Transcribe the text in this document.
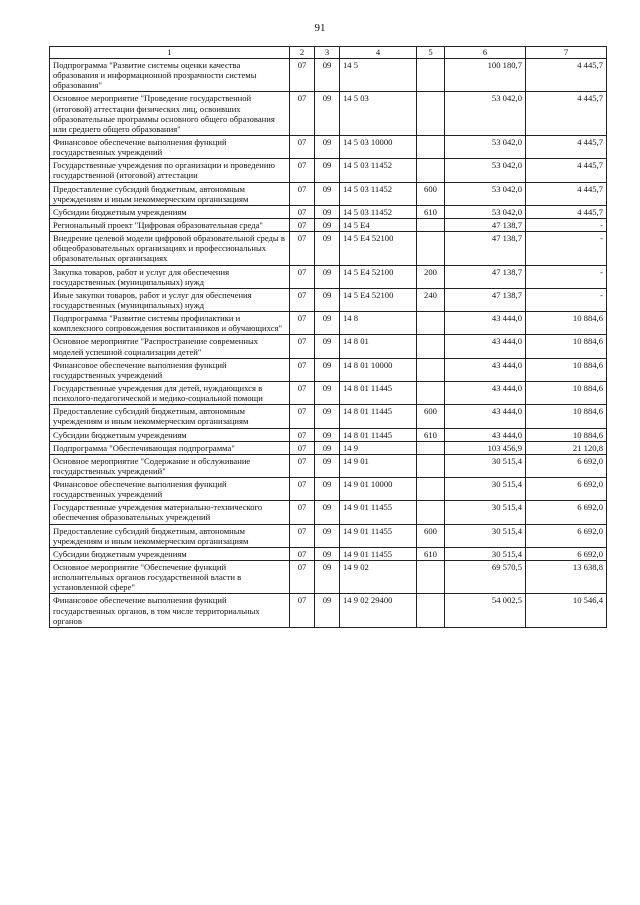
91
1	2	3	4	5	6	7
Подпрограмма "Развитие системы оценки качества образования и информационной прозрачности системы образования"	07	09	14 5		100 180,7	4 445,7
Основное мероприятие "Проведение государственной (итоговой) аттестации физических лиц, освоивших образовательные программы основного общего образования или среднего общего образования"	07	09	14 5 03		53 042,0	4 445,7
Финансовое обеспечение выполнения функций государственных учреждений	07	09	14 5 03 10000		53 042,0	4 445,7
Государственные учреждения по организации и проведению государственной (итоговой) аттестации	07	09	14 5 03 11452		53 042,0	4 445,7
Предоставление субсидий бюджетным, автономным учреждениям и иным некоммерческим организациям	07	09	14 5 03 11452	600	53 042,0	4 445,7
Субсидии бюджетным учреждениям	07	09	14 5 03 11452	610	53 042,0	4 445,7
Региональный проект "Цифровая образовательная среда"	07	09	14 5 E4		47 138,7	-
Внедрение целевой модели цифровой образовательной среды в общеобразовательных организациях и профессиональных образовательных организациях	07	09	14 5 E4 52100		47 138,7	-
Закупка товаров, работ и услуг для обеспечения государственных (муниципальных) нужд	07	09	14 5 E4 52100	200	47 138,7	-
Иные закупки товаров, работ и услуг для обеспечения государственных (муниципальных) нужд	07	09	14 5 E4 52100	240	47 138,7	-
Подпрограмма "Развитие системы профилактики и комплексного сопровождения воспитанников и обучающихся"	07	09	14 8		43 444,0	10 884,6
Основное мероприятие "Распространение современных моделей успешной социализации детей"	07	09	14 8 01		43 444,0	10 884,6
Финансовое обеспечение выполнения функций государственных учреждений	07	09	14 8 01 10000		43 444,0	10 884,6
Государственные учреждения для детей, нуждающихся в психолого-педагогической и медико-социальной помощи	07	09	14 8 01 11445		43 444,0	10 884,6
Предоставление субсидий бюджетным, автономным учреждениям и иным некоммерческим организациям	07	09	14 8 01 11445	600	43 444,0	10 884,6
Субсидии бюджетным учреждениям	07	09	14 8 01 11445	610	43 444,0	10 884,6
Подпрограмма "Обеспечивающая подпрограмма"	07	09	14 9		103 456,9	21 120,8
Основное мероприятие "Содержание и обслуживание государственных учреждений"	07	09	14 9 01		30 515,4	6 692,0
Финансовое обеспечение выполнения функций государственных учреждений	07	09	14 9 01 10000		30 515,4	6 692,0
Государственные учреждения материально-технического обеспечения образовательных учреждений	07	09	14 9 01 11455		30 515,4	6 692,0
Предоставление субсидий бюджетным, автономным учреждениям и иным некоммерческим организациям	07	09	14 9 01 11455	600	30 515,4	6 692,0
Субсидии бюджетным учреждениям	07	09	14 9 01 11455	610	30 515,4	6 692,0
Основное мероприятие "Обеспечение функций исполнительных органов государственной власти в установленной сфере"	07	09	14 9 02		69 570,5	13 638,8
Финансовое обеспечение выполнения функций государственных органов, в том числе территориальных органов	07	09	14 9 02 29400		54 002,5	10 546,4
